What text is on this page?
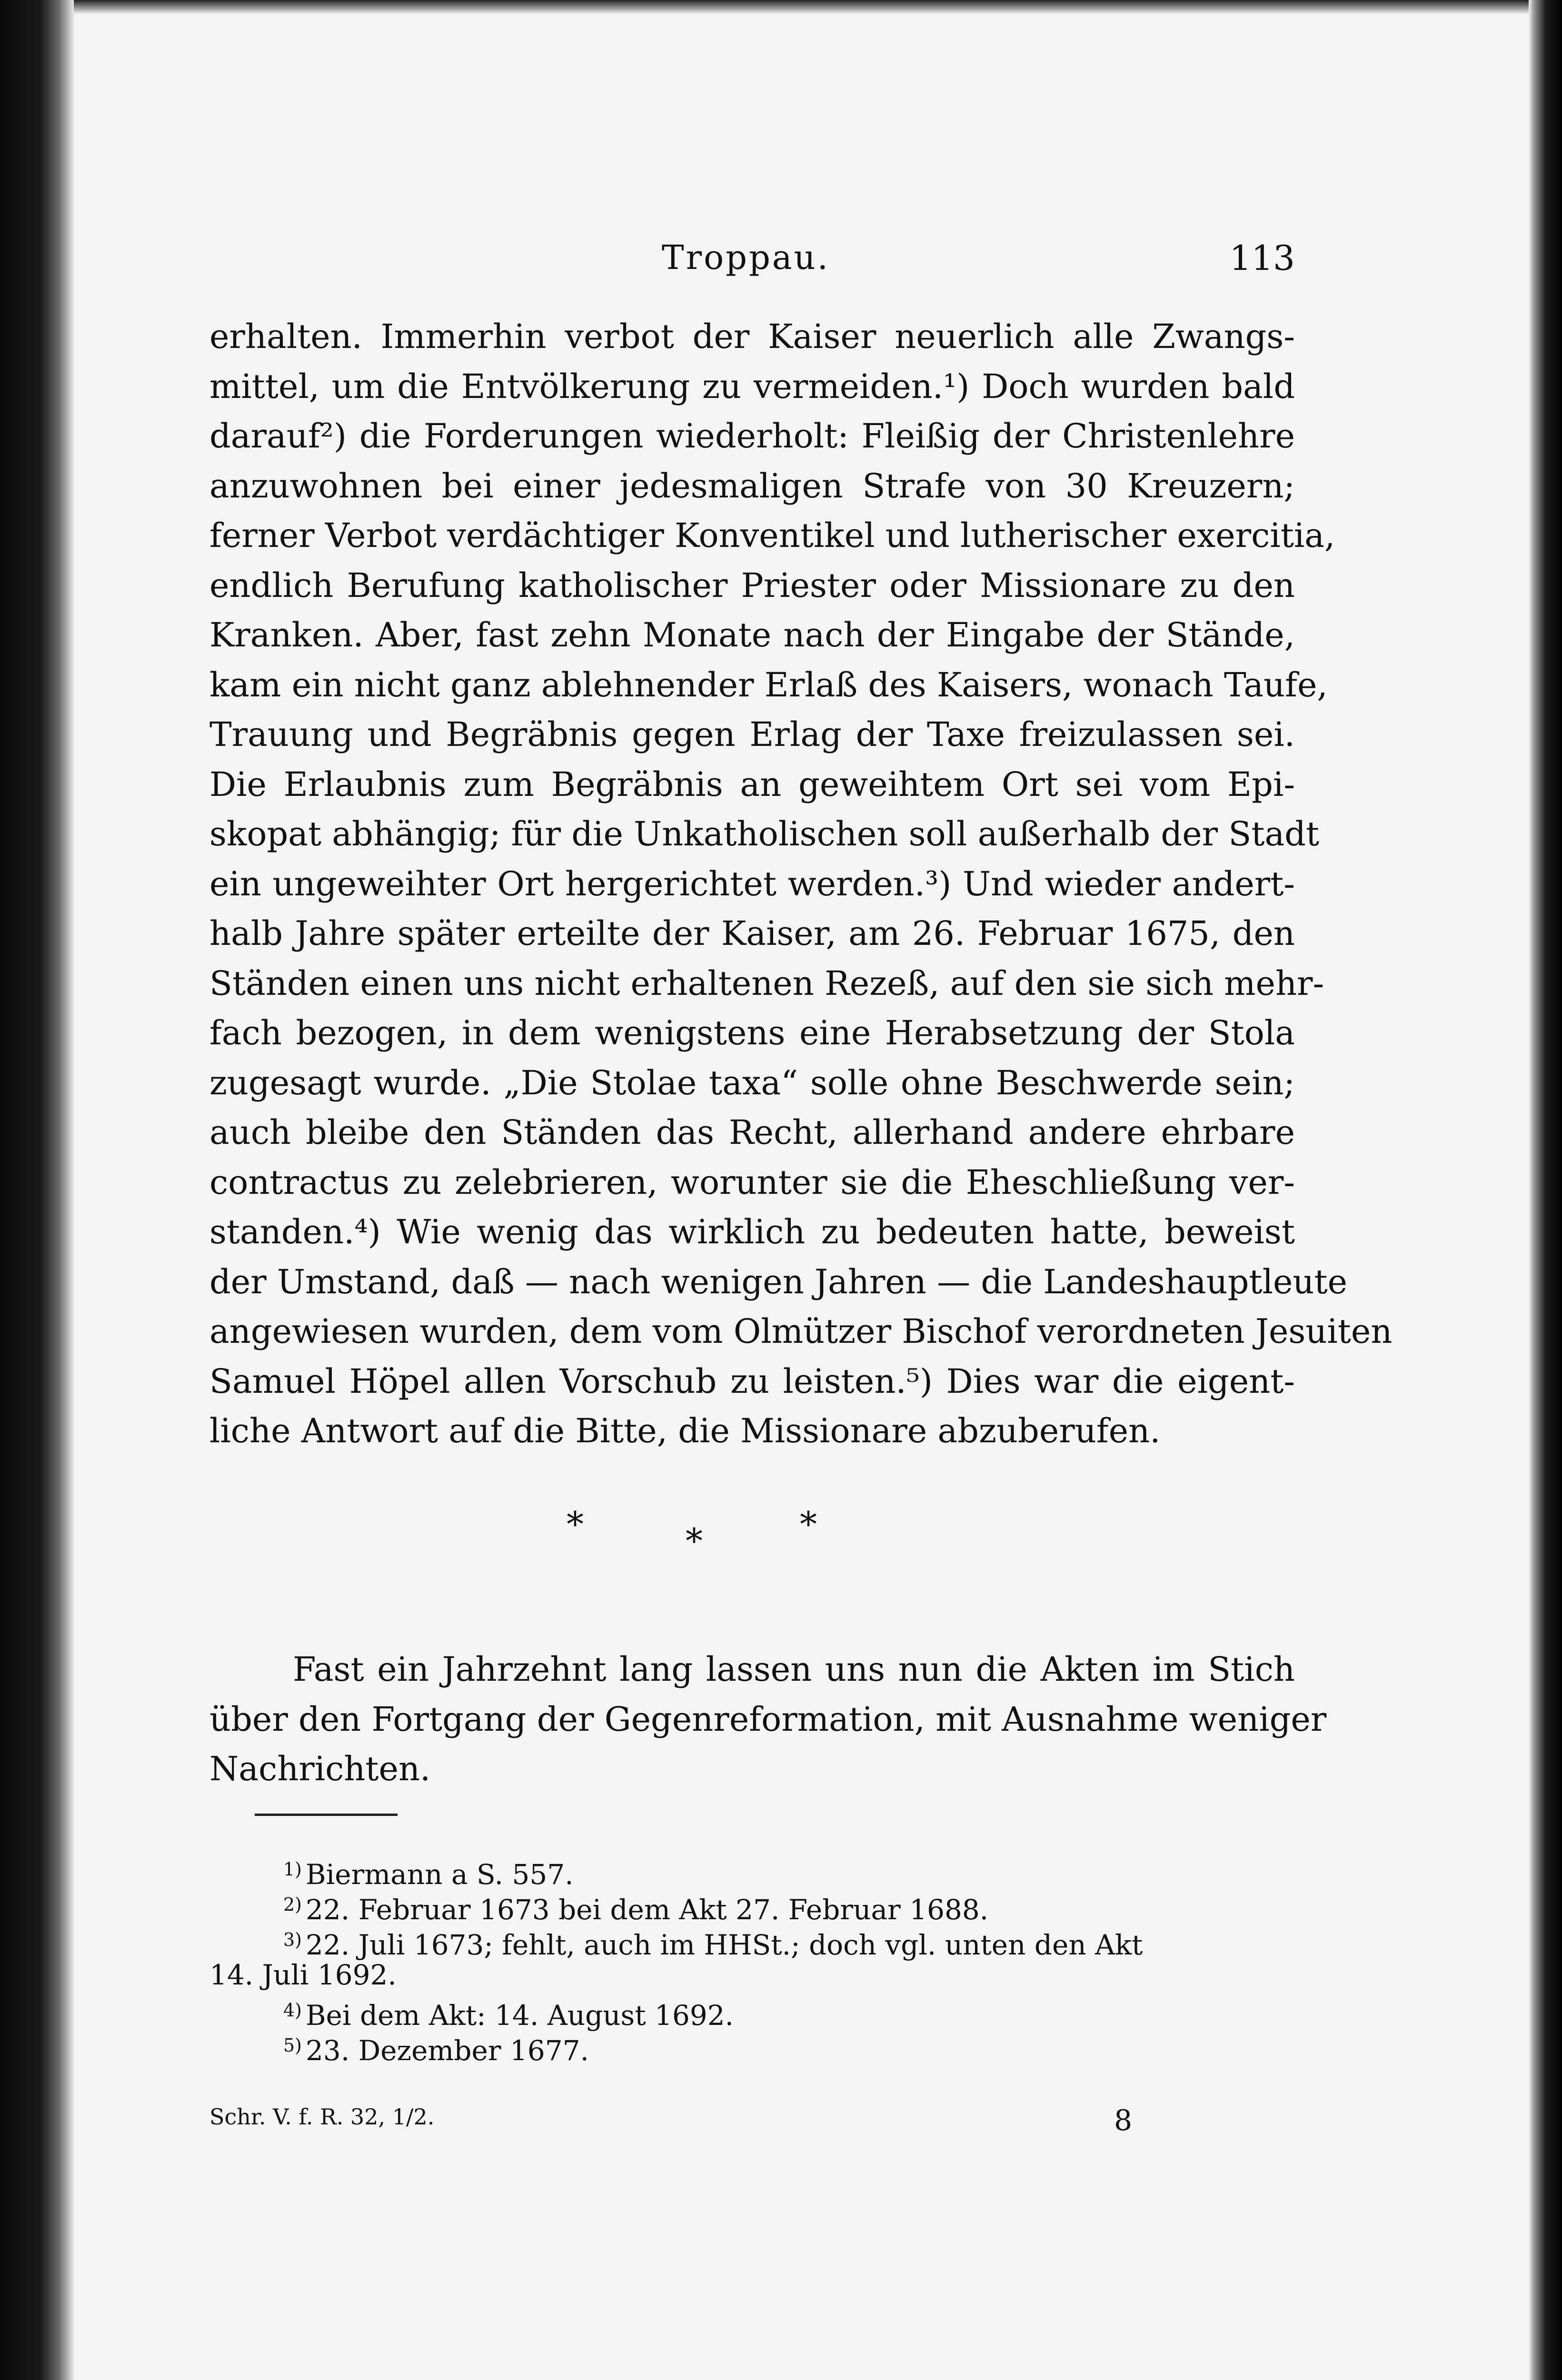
Troppau.	113
erhalten. Immerhin verbot der Kaiser neuerlich alle Zwangs-
mittel, um die Entvölkerung zu vermeiden.¹) Doch wurden bald
darauf²) die Forderungen wiederholt: Fleißig der Christenlehre
anzuwohnen bei einer jedesmaligen Strafe von 30 Kreuzern;
ferner Verbot verdächtiger Konventikel und lutherischer exercitia,
endlich Berufung katholischer Priester oder Missionare zu den
Kranken. Aber, fast zehn Monate nach der Eingabe der Stände,
kam ein nicht ganz ablehnender Erlaß des Kaisers, wonach Taufe,
Trauung und Begräbnis gegen Erlag der Taxe freizulassen sei.
Die Erlaubnis zum Begräbnis an geweihtem Ort sei vom Epi-
skopat abhängig; für die Unkatholischen soll außerhalb der Stadt
ein ungeweihter Ort hergerichtet werden.³) Und wieder andert-
halb Jahre später erteilte der Kaiser, am 26. Februar 1675, den
Ständen einen uns nicht erhaltenen Rezeß, auf den sie sich mehr-
fach bezogen, in dem wenigstens eine Herabsetzung der Stola
zugesagt wurde. „Die Stolae taxa“ solle ohne Beschwerde sein;
auch bleibe den Ständen das Recht, allerhand andere ehrbare
contractus zu zelebrieren, worunter sie die Eheschließung ver-
standen.⁴) Wie wenig das wirklich zu bedeuten hatte, beweist
der Umstand, daß — nach wenigen Jahren — die Landeshauptleute
angewiesen wurden, dem vom Olmützer Bischof verordneten Jesuiten
Samuel Höpel allen Vorschub zu leisten.⁵) Dies war die eigent-
liche Antwort auf die Bitte, die Missionare abzuberufen.
*	*	*
Fast ein Jahrzehnt lang lassen uns nun die Akten im Stich
über den Fortgang der Gegenreformation, mit Ausnahme weniger
Nachrichten.
$^{1)}$ Biermann a S. 557.
$^{2)}$ 22. Februar 1673 bei dem Akt 27. Februar 1688.
$^{3)}$ 22. Juli 1673; fehlt, auch im HHSt.; doch vgl. unten den Akt
14. Juli 1692.
$^{4)}$ Bei dem Akt: 14. August 1692.
$^{5)}$ 23. Dezember 1677.
Schr. V. f. R. 32, 1/2.	8
